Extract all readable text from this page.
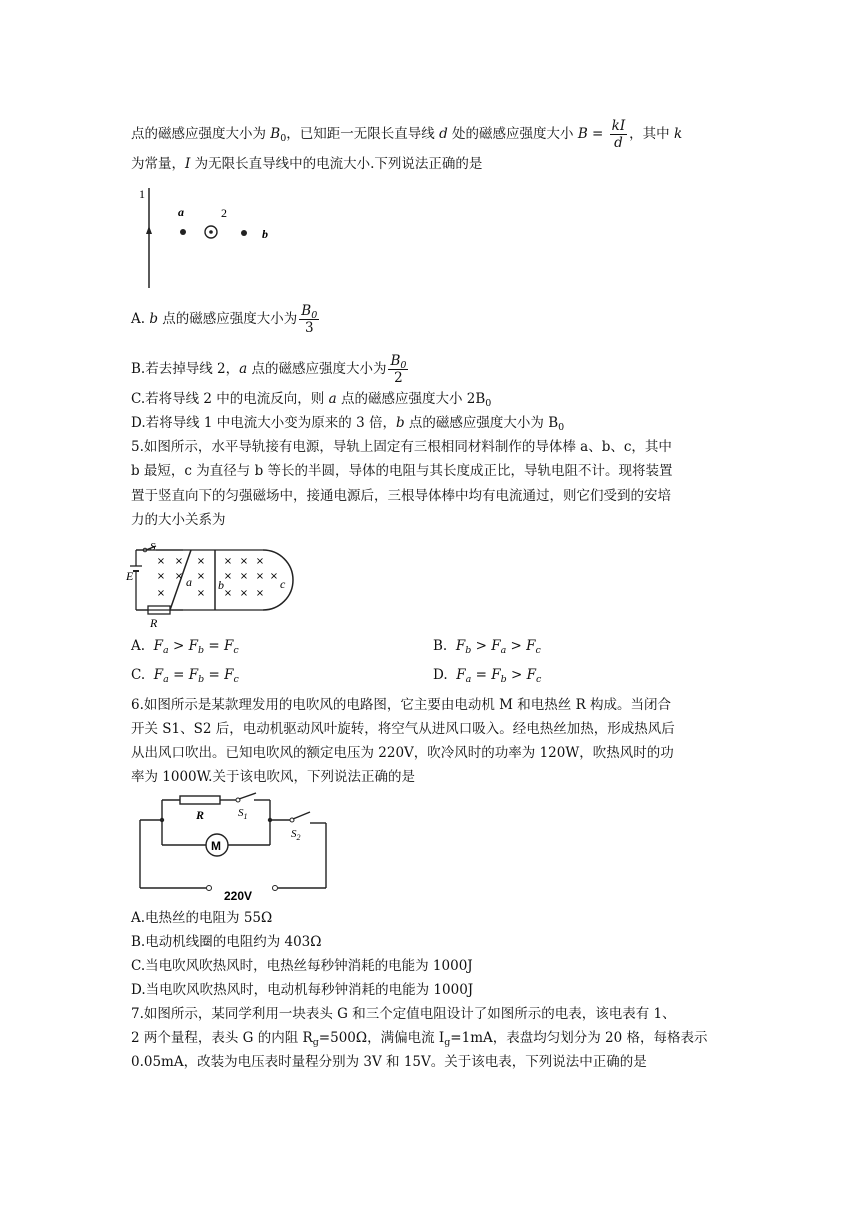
点的磁感应强度大小为 $B_0$，已知距一无限长直导线 d 处的磁感应强度大小 $B = \frac{kI}{d}$ ，其中 k
为常量，I 为无限长直导线中的电流大小.下列说法正确的是
1
a	2
b
A. b 点的磁感应强度大小为 $\frac{B_0}{3}$
B.若去掉导线 2，a 点的磁感应强度大小为 $\frac{B_0}{2}$
C.若将导线 2 中的电流反向，则 a 点的磁感应强度大小 $2B_0$
D.若将导线 1 中电流大小变为原来的 3 倍，b 点的磁感应强度大小为 $B_0$
5.如图所示，水平导轨接有电源，导轨上固定有三根相同材料制作的导体棒 a、b、c，其中
b 最短，c 为直径与 b 等长的半圆，导体的电阻与其长度成正比，导轨电阻不计。现将装置
置于竖直向下的匀强磁场中，接通电源后，三根导体棒中均有电流通过，则它们受到的安培
力的大小关系为
E
S
R
a b	c
×
×
×
×
×
×
×
×
×
×
×
×
×
×
×
×
×
×
A. $F_a > F_b = F_c$	B. $F_b > F_a > F_c$
C. $F_a = F_b = F_c$	D. $F_a = F_b > F_c$
6.如图所示是某款理发用的电吹风的电路图，它主要由电动机 M 和电热丝 R 构成。当闭合
开关 S1、S2 后，电动机驱动风叶旋转，将空气从进风口吸入。经电热丝加热，形成热风后
从出风口吹出。已知电吹风的额定电压为 220V，吹冷风时的功率为 120W，吹热风时的功
率为 1000W.关于该电吹风，下列说法正确的是
220V
R	$S_1$
M
$S_2$
A.电热丝的电阻为 55Ω
B.电动机线圈的电阻约为 403Ω
C.当电吹风吹热风时，电热丝每秒钟消耗的电能为 1000J
D.当电吹风吹热风时，电动机每秒钟消耗的电能为 1000J
7.如图所示，某同学利用一块表头 G 和三个定值电阻设计了如图所示的电表，该电表有 1、
2 两个量程，表头 G 的内阻 $R_g=500\Omega$，满偏电流 $I_g=1mA$，表盘均匀划分为 20 格，每格表示
0.05mA，改装为电压表时量程分别为 3V 和 15V。关于该电表，下列说法中正确的是
